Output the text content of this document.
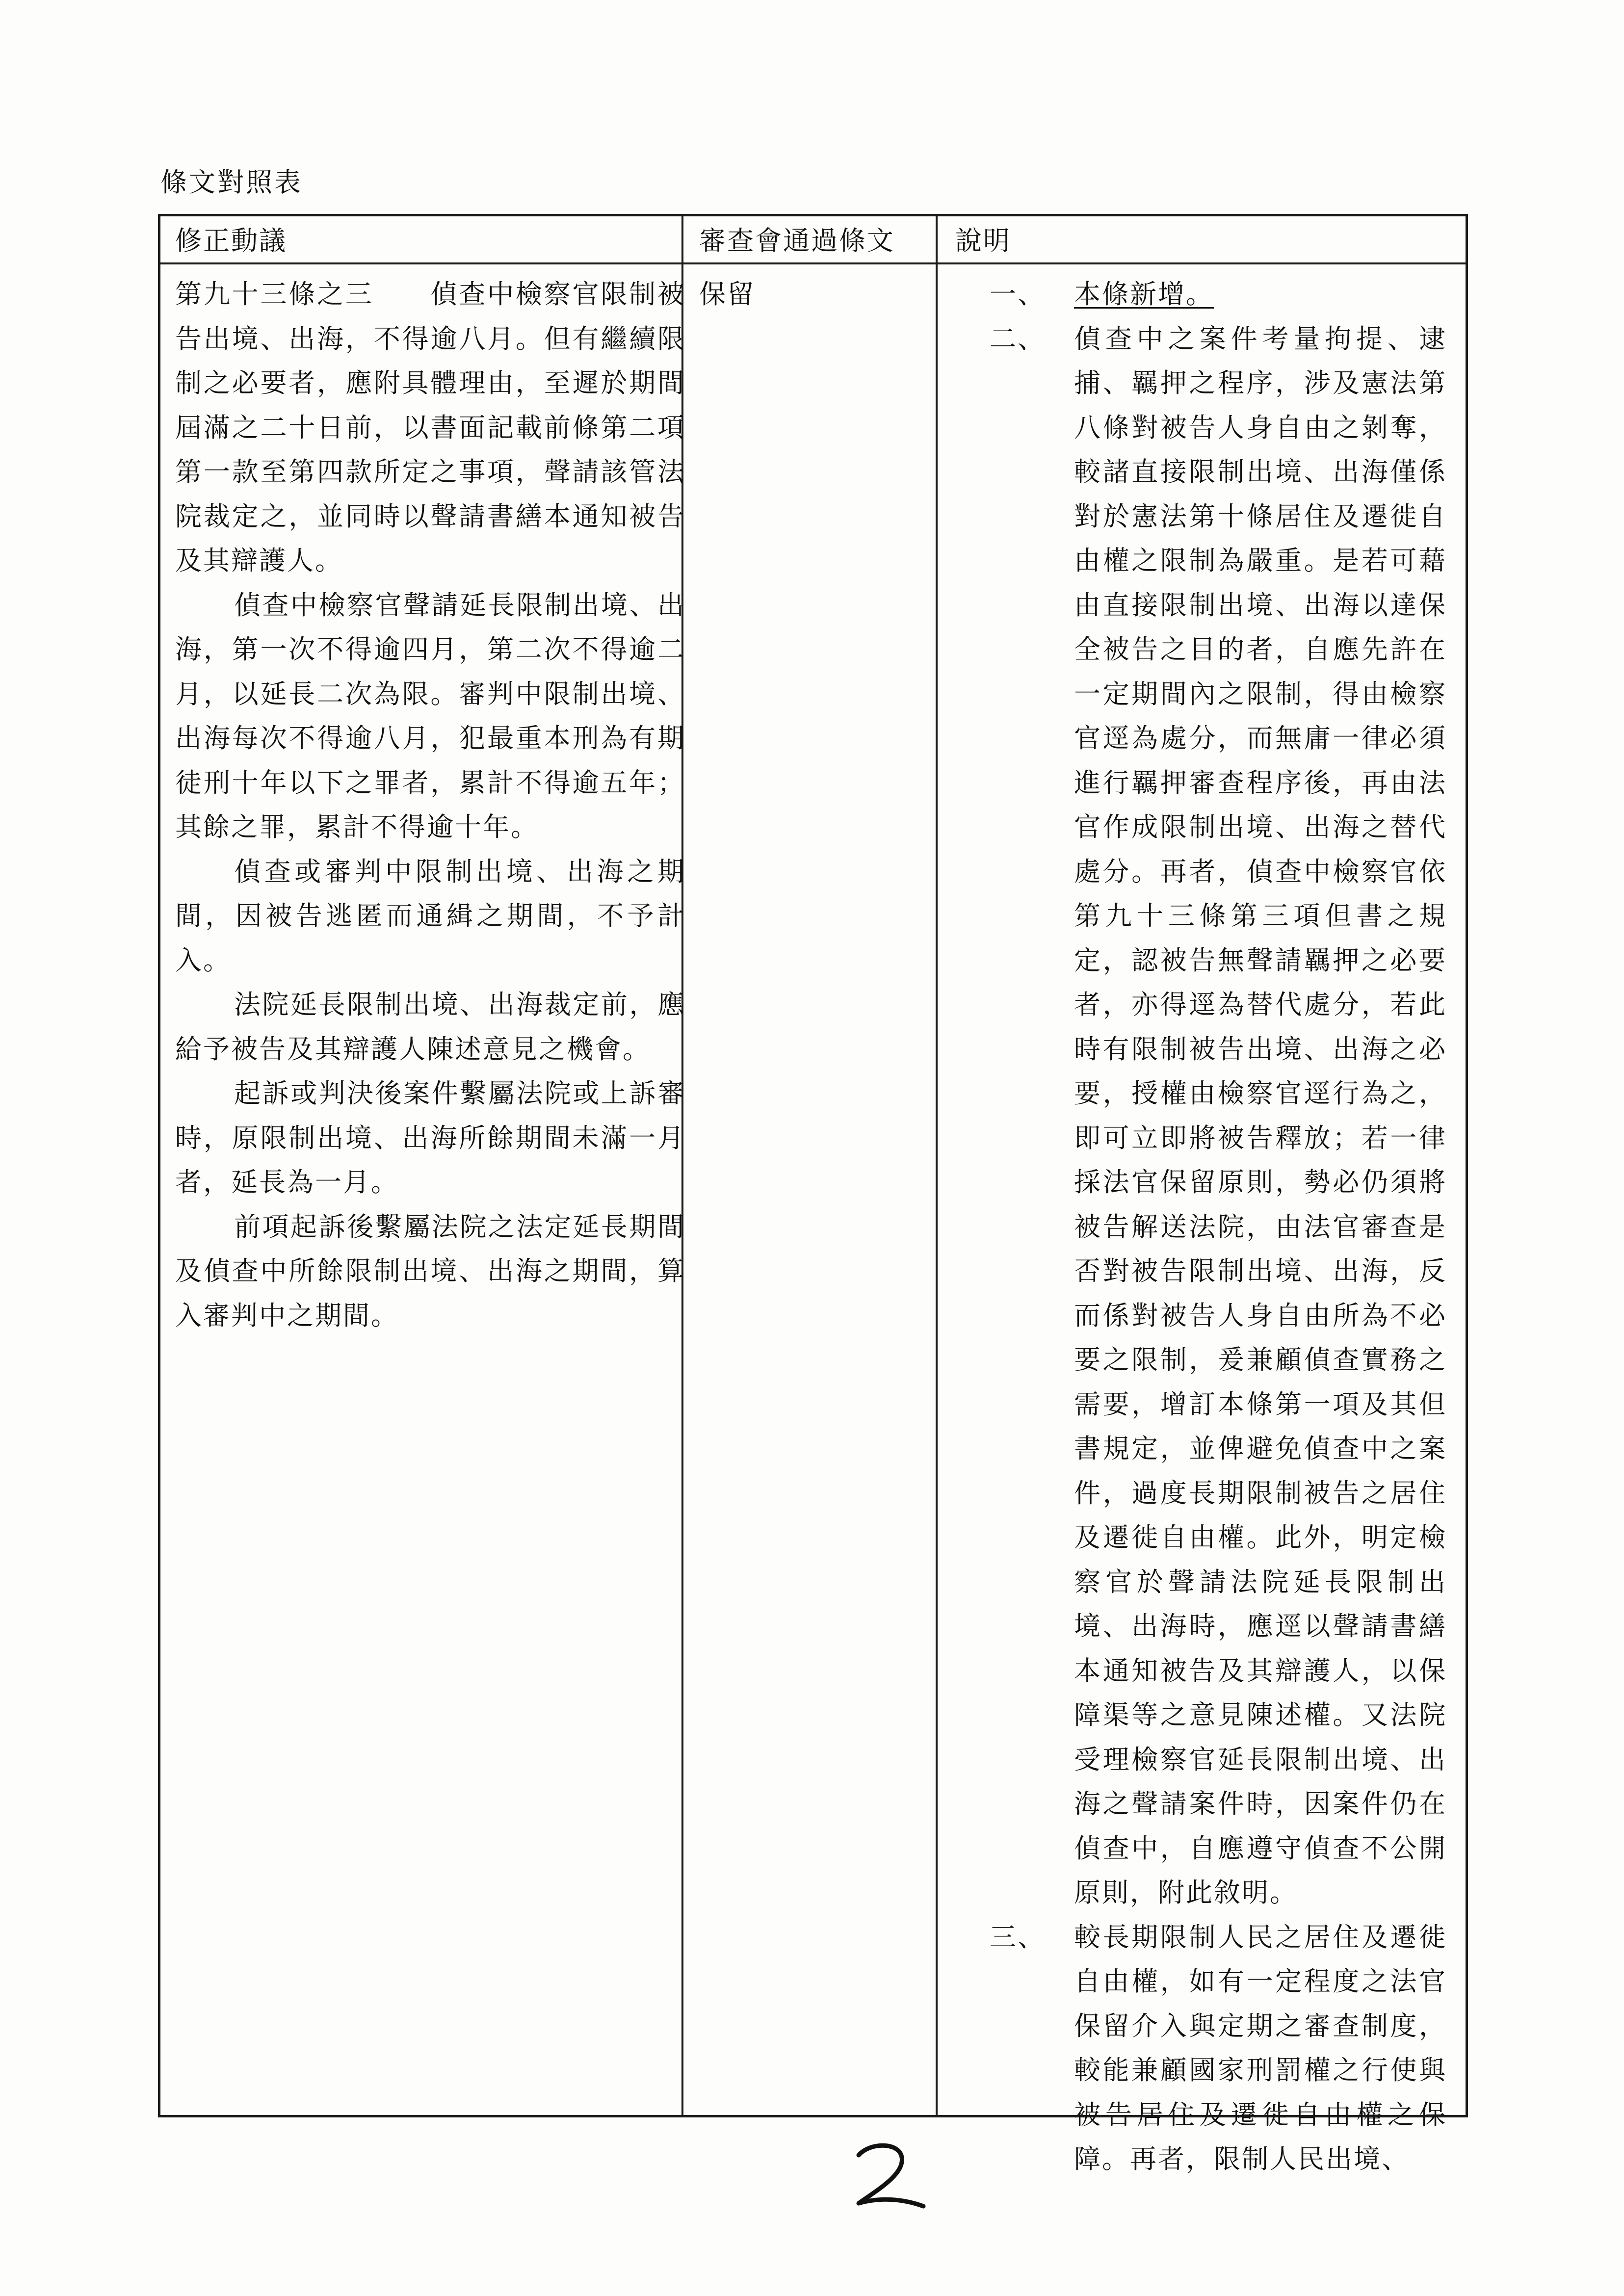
條文對照表
修正動議	審查會通過條文 說明

第九十三條之三　　偵查中檢察官限制被告出境、出海，不得逾八月。但有繼續限制之必要者，應附具體理由，至遲於期間屆滿之二十日前，以書面記載前條第二項第一款至第四款所定之事項，聲請該管法院裁定之，並同時以聲請書繕本通知被告及其辯護人。

偵查中檢察官聲請延長限制出境、出海，第一次不得逾四月，第二次不得逾二月，以延長二次為限。審判中限制出境、出海每次不得逾八月，犯最重本刑為有期徒刑十年以下之罪者，累計不得逾五年；其餘之罪，累計不得逾十年。

偵查或審判中限制出境、出海之期間，因被告逃匿而通緝之期間，不予計入。

法院延長限制出境、出海裁定前，應給予被告及其辯護人陳述意見之機會。

起訴或判決後案件繫屬法院或上訴審時，原限制出境、出海所餘期間未滿一月者，延長為一月。

前項起訴後繫屬法院之法定延長期間及偵查中所餘限制出境、出海之期間，算入審判中之期間。

保留	一、 本條新增。
二、 偵查中之案件考量拘提、逮捕、羈押之程序，涉及憲法第八條對被告人身自由之剝奪，較諸直接限制出境、出海僅係對於憲法第十條居住及遷徙自由權之限制為嚴重。是若可藉由直接限制出境、出海以達保全被告之目的者，自應先許在一定期間內之限制，得由檢察官逕為處分，而無庸一律必須進行羈押審查程序後，再由法官作成限制出境、出海之替代處分。再者，偵查中檢察官依第九十三條第三項但書之規定，認被告無聲請羈押之必要者，亦得逕為替代處分，若此時有限制被告出境、出海之必要，授權由檢察官逕行為之，即可立即將被告釋放；若一律採法官保留原則，勢必仍須將被告解送法院，由法官審查是否對被告限制出境、出海，反而係對被告人身自由所為不必要之限制，爰兼顧偵查實務之需要，增訂本條第一項及其但書規定，並俾避免偵查中之案件，過度長期限制被告之居住及遷徙自由權。此外，明定檢察官於聲請法院延長限制出境、出海時，應逕以聲請書繕本通知被告及其辯護人，以保障渠等之意見陳述權。又法院受理檢察官延長限制出境、出海之聲請案件時，因案件仍在偵查中，自應遵守偵查不公開原則，附此敘明。
三、 較長期限制人民之居住及遷徙自由權，如有一定程度之法官保留介入與定期之審查制度，較能兼顧國家刑罰權之行使與被告居住及遷徙自由權之保障。再者，限制人民出境、
